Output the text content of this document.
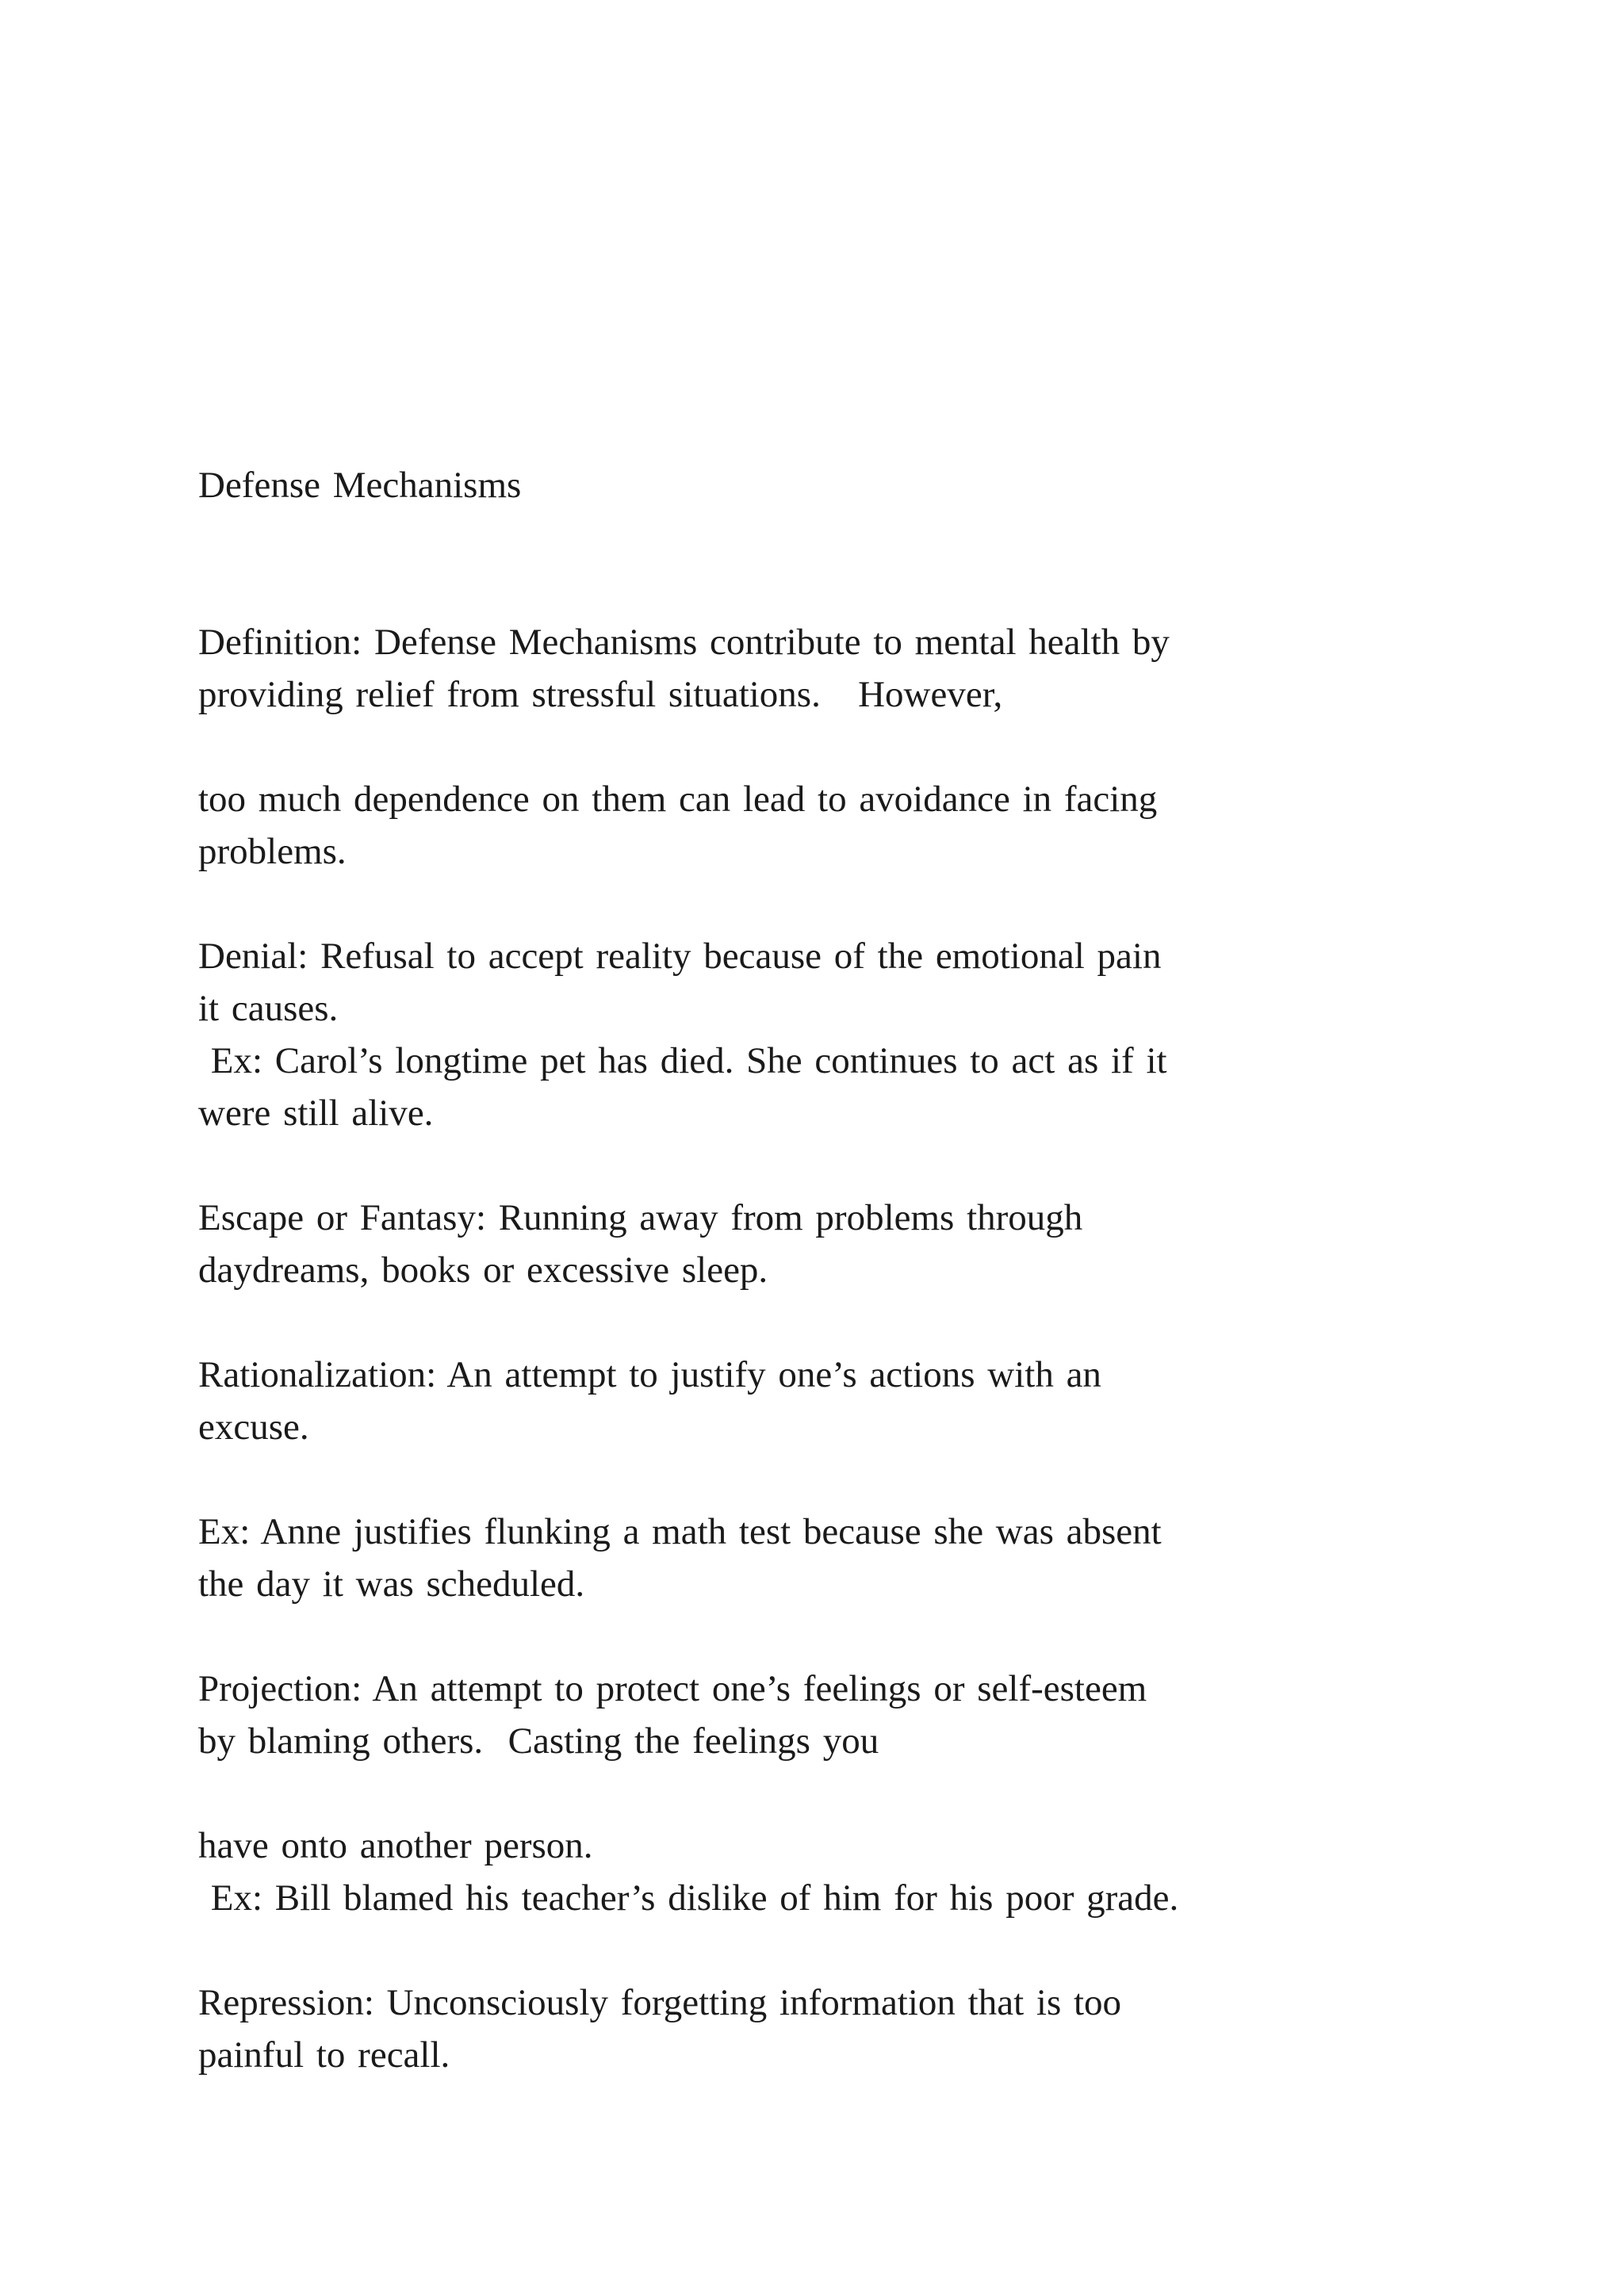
Defense Mechanisms

Definition: Defense Mechanisms contribute to mental health by

providing relief from stressful situations.   However,

too much dependence on them can lead to avoidance in facing

problems.

Denial: Refusal to accept reality because of the emotional pain

it causes.

Ex: Carol’s longtime pet has died. She continues to act as if it

were still alive.

Escape or Fantasy: Running away from problems through

daydreams, books or excessive sleep.

Rationalization: An attempt to justify one’s actions with an

excuse.

Ex: Anne justifies flunking a math test because she was absent

the day it was scheduled.

Projection: An attempt to protect one’s feelings or self-esteem

by blaming others.  Casting the feelings you

have onto another person.

Ex: Bill blamed his teacher’s dislike of him for his poor grade.

Repression: Unconsciously forgetting information that is too

painful to recall.
